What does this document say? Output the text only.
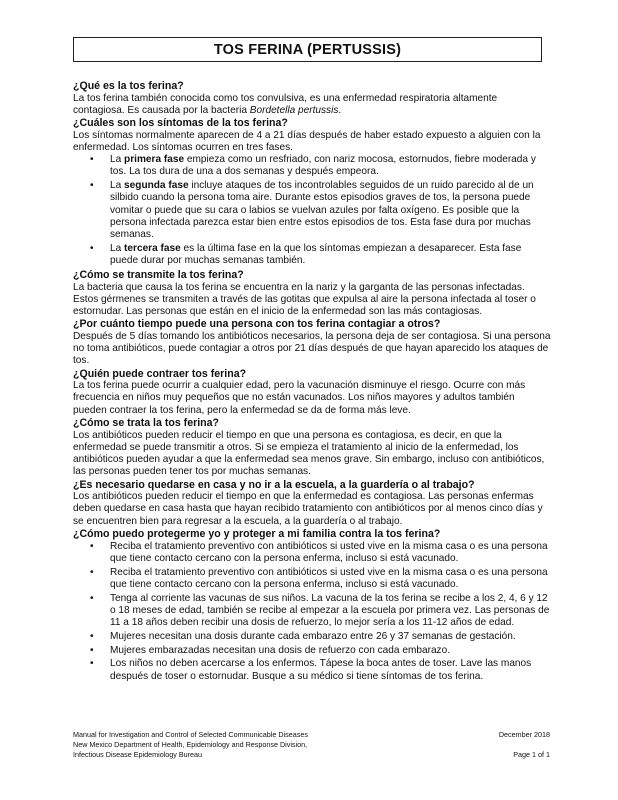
TOS FERINA (PERTUSSIS)
¿Qué es la tos ferina?

La tos ferina también conocida como tos convulsiva, es una enfermedad respiratoria altamente contagiosa. Es causada por la bacteria Bordetella pertussis.

¿Cuáles son los síntomas de la tos ferina?

Los síntomas normalmente aparecen de 4 a 21 días después de haber estado expuesto a alguien con la enfermedad. Los síntomas ocurren en tres fases.

• La primera fase empieza como un resfriado, con nariz mocosa, estornudos, fiebre moderada y tos. La tos dura de una a dos semanas y después empeora.
• La segunda fase incluye ataques de tos incontrolables seguidos de un ruido parecido al de un silbido cuando la persona toma aire. Durante estos episodios graves de tos, la persona puede vomitar o puede que su cara o labios se vuelvan azules por falta oxígeno. Es posible que la persona infectada parezca estar bien entre estos episodios de tos. Esta fase dura por muchas semanas.
• La tercera fase es la última fase en la que los síntomas empiezan a desaparecer. Esta fase puede durar por muchas semanas también.
¿Cómo se transmite la tos ferina?

La bacteria que causa la tos ferina se encuentra en la nariz y la garganta de las personas infectadas. Estos gérmenes se transmiten a través de las gotitas que expulsa al aire la persona infectada al toser o estornudar. Las personas que están en el inicio de la enfermedad son las más contagiosas.

¿Por cuánto tiempo puede una persona con tos ferina contagiar a otros?

Después de 5 días tomando los antibióticos necesarios, la persona deja de ser contagiosa. Si una persona no toma antibióticos, puede contagiar a otros por 21 días después de que hayan aparecido los ataques de tos.

¿Quién puede contraer tos ferina?

La tos ferina puede ocurrir a cualquier edad, pero la vacunación disminuye el riesgo. Ocurre con más frecuencia en niños muy pequeños que no están vacunados. Los niños mayores y adultos también pueden contraer la tos ferina, pero la enfermedad se da de forma más leve.

¿Cómo se trata la tos ferina?

Los antibióticos pueden reducir el tiempo en que una persona es contagiosa, es decir, en que la enfermedad se puede transmitir a otros. Si se empieza el tratamiento al inicio de la enfermedad, los antibióticos pueden ayudar a que la enfermedad sea menos grave. Sin embargo, incluso con antibióticos, las personas pueden tener tos por muchas semanas.

¿Es necesario quedarse en casa y no ir a la escuela, a la guardería o al trabajo?

Los antibióticos pueden reducir el tiempo en que la enfermedad es contagiosa. Las personas enfermas deben quedarse en casa hasta que hayan recibido tratamiento con antibióticos por al menos cinco días y se encuentren bien para regresar a la escuela, a la guardería o al trabajo.

¿Cómo puedo protegerme yo y proteger a mi familia contra la tos ferina?
• Reciba el tratamiento preventivo con antibióticos si usted vive en la misma casa o es una persona que tiene contacto cercano con la persona enferma, incluso si está vacunado.
• Reciba el tratamiento preventivo con antibióticos si usted vive en la misma casa o es una persona que tiene contacto cercano con la persona enferma, incluso si está vacunado.
• Tenga al corriente las vacunas de sus niños. La vacuna de la tos ferina se recibe a los 2, 4, 6 y 12 o 18 meses de edad, también se recibe al empezar a la escuela por primera vez. Las personas de 11 a 18 años deben recibir una dosis de refuerzo, lo mejor sería a los 11-12 años de edad.
• Mujeres necesitan una dosis durante cada embarazo entre 26 y 37 semanas de gestación.
• Mujeres embarazadas necesitan una dosis de refuerzo con cada embarazo.
• Los niños no deben acercarse a los enfermos. Tápese la boca antes de toser. Lave las manos después de toser o estornudar. Busque a su médico si tiene síntomas de tos ferina.
Manual for Investigation and Control of Selected Communicable Diseases
New Mexico Department of Health, Epidemiology and Response Division,
Infectious Disease Epidemiology Bureau
December 2018
Page 1 of 1
